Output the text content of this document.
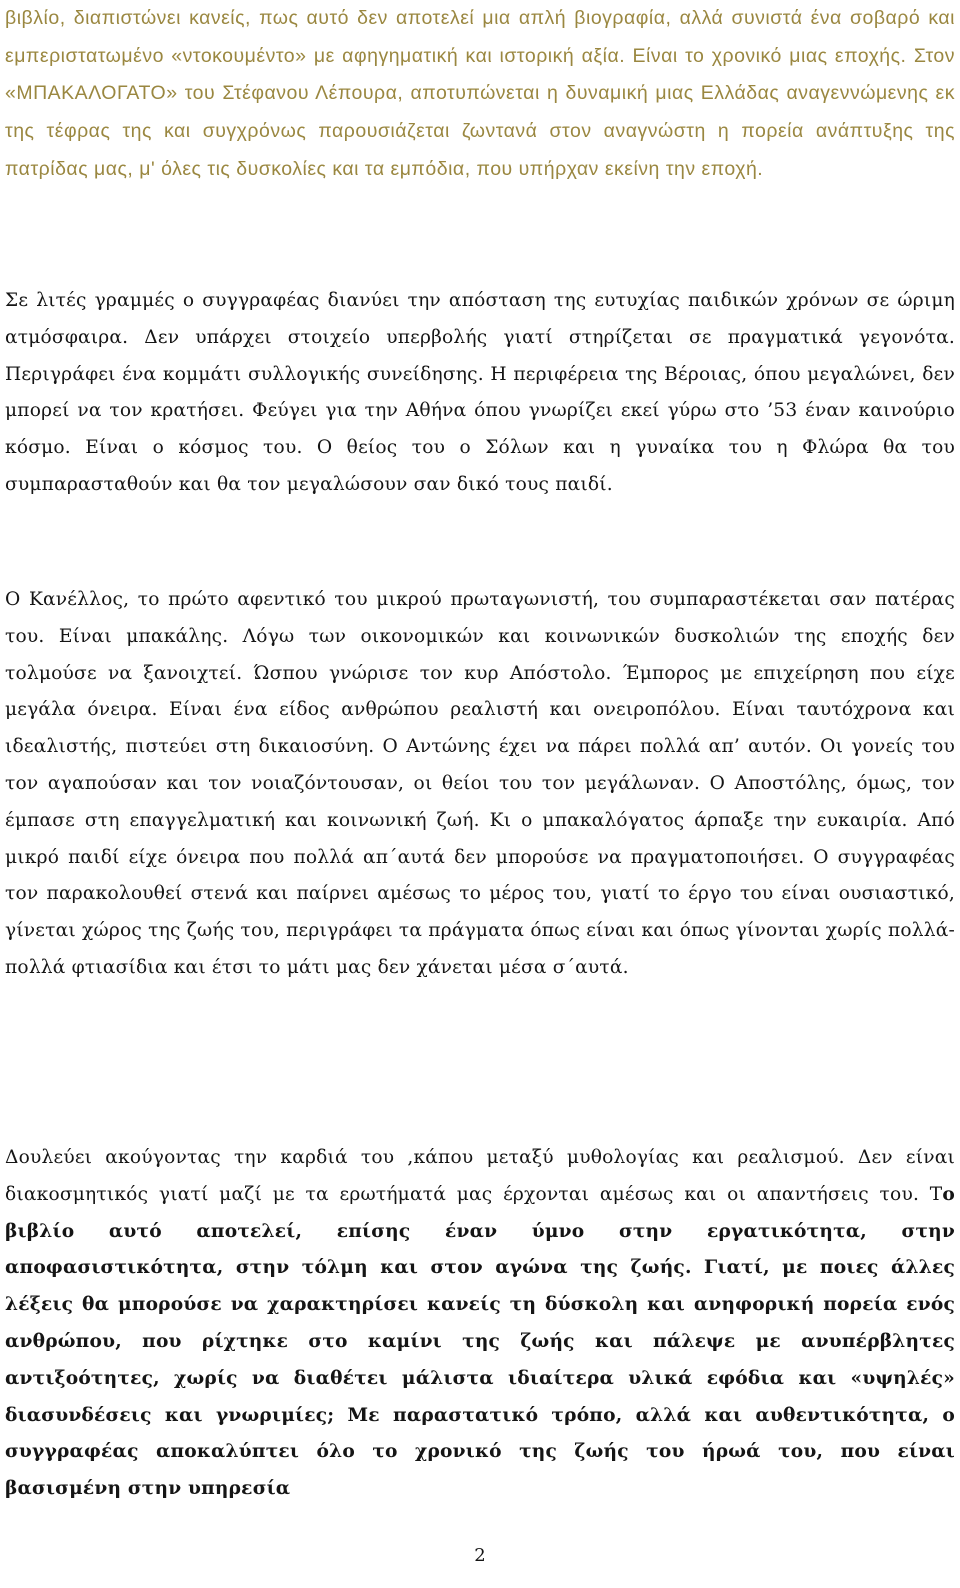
βιβλίο, διαπιστώνει κανείς, πως αυτό δεν αποτελεί μια απλή βιογραφία, αλλά συνιστά ένα σοβαρό και εμπεριστατωμένο «ντοκουμέντο» με αφηγηματική και ιστορική αξία. Είναι το χρονικό μιας εποχής. Στον «ΜΠΑΚΑΛΟΓΑΤΟ» του Στέφανου Λέπουρα, αποτυπώνεται η δυναμική μιας Ελλάδας αναγεννώμενης εκ της τέφρας της και συγχρόνως παρουσιάζεται ζωντανά στον αναγνώστη η πορεία ανάπτυξης της πατρίδας μας, μ' όλες τις δυσκολίες και τα εμπόδια, που υπήρχαν εκείνη την εποχή.

Σε λιτές γραμμές ο συγγραφέας διανύει την απόσταση της ευτυχίας παιδικών χρόνων σε ώριμη ατμόσφαιρα. Δεν υπάρχει στοιχείο υπερβολής γιατί στηρίζεται σε πραγματικά γεγονότα. Περιγράφει ένα κομμάτι συλλογικής συνείδησης. Η περιφέρεια της Βέροιας, όπου μεγαλώνει, δεν μπορεί να τον κρατήσει. Φεύγει για την Αθήνα όπου γνωρίζει εκεί γύρω στο ’53 έναν καινούριο κόσμο. Είναι ο κόσμος του. Ο θείος του ο Σόλων και η γυναίκα του η Φλώρα θα του συμπαρασταθούν και θα τον μεγαλώσουν σαν δικό τους παιδί.

Ο Κανέλλος, το πρώτο αφεντικό του μικρού πρωταγωνιστή, του συμπαραστέκεται σαν πατέρας του. Είναι μπακάλης. Λόγω των οικονομικών και κοινωνικών δυσκολιών της εποχής δεν τολμούσε να ξανοιχτεί. Ώσπου γνώρισε τον κυρ Απόστολο. Έμπορος με επιχείρηση που είχε μεγάλα όνειρα. Είναι ένα είδος ανθρώπου ρεαλιστή και ονειροπόλου. Είναι ταυτόχρονα και ιδεαλιστής, πιστεύει στη δικαιοσύνη. Ο Αντώνης έχει να πάρει πολλά απ’ αυτόν. Οι γονείς του τον αγαπούσαν και τον νοιαζόντουσαν, οι θείοι του τον μεγάλωναν. Ο Αποστόλης, όμως, τον έμπασε στη επαγγελματική και κοινωνική ζωή. Κι ο μπακαλόγατος άρπαξε την ευκαιρία. Από μικρό παιδί είχε όνειρα που πολλά απ΄αυτά δεν μπορούσε να πραγματοποιήσει. Ο συγγραφέας τον παρακολουθεί στενά και παίρνει αμέσως το μέρος του, γιατί το έργο του είναι ουσιαστικό, γίνεται χώρος της ζωής του, περιγράφει τα πράγματα όπως είναι και όπως γίνονται χωρίς πολλά- πολλά φτιασίδια και έτσι το μάτι μας δεν χάνεται μέσα σ΄αυτά.

Δουλεύει ακούγοντας την καρδιά του ,κάπου μεταξύ μυθολογίας και ρεαλισμού. Δεν είναι διακοσμητικός γιατί μαζί με τα ερωτήματά μας έρχονται αμέσως και οι απαντήσεις του. Το βιβλίο αυτό αποτελεί, επίσης έναν ύμνο στην εργατικότητα, στην αποφασιστικότητα, στην τόλμη και στον αγώνα της ζωής. Γιατί, με ποιες άλλες λέξεις θα μπορούσε να χαρακτηρίσει κανείς τη δύσκολη και ανηφορική πορεία ενός ανθρώπου, που ρίχτηκε στο καμίνι της ζωής και πάλεψε με ανυπέρβλητες αντιξοότητες, χωρίς να διαθέτει μάλιστα ιδιαίτερα υλικά εφόδια και «υψηλές» διασυνδέσεις και γνωριμίες; Με παραστατικό τρόπο, αλλά και αυθεντικότητα, ο συγγραφέας αποκαλύπτει όλο το χρονικό της ζωής του ήρωά του, που είναι βασισμένη στην υπηρεσία

2
